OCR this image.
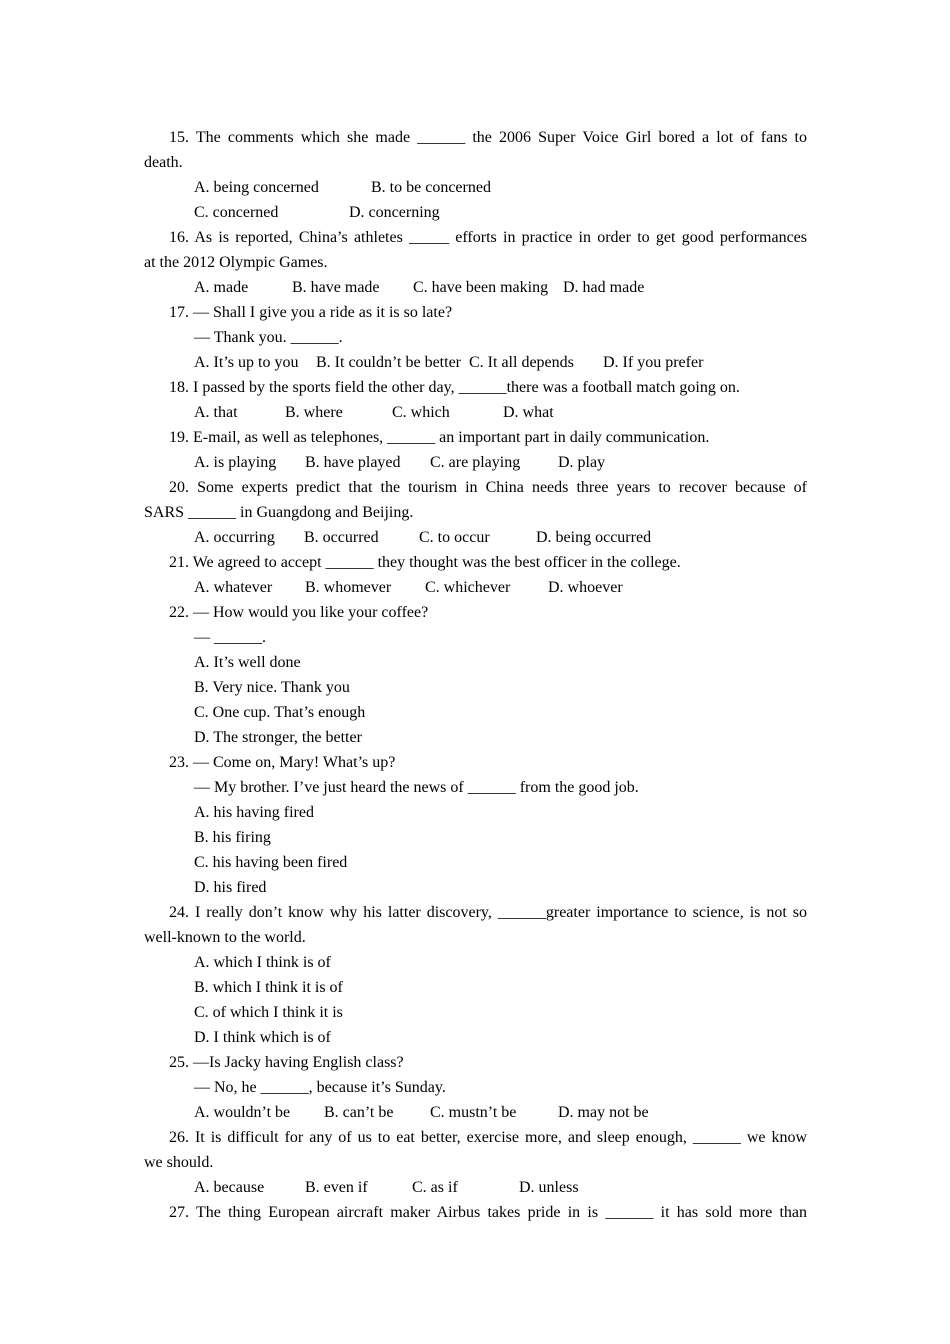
15. The comments which she made ______ the 2006 Super Voice Girl bored a lot of fans to
death.
A. being concerned	B. to be concerned
C. concerned	D. concerning
16. As is reported, China’s athletes _____ efforts in practice in order to get good performances
at the 2012 Olympic Games.
A. made	B. have made C. have been making D. had made
17. — Shall I give you a ride as it is so late?
— Thank you. ______.
A. It’s up to you B. It couldn’t be better C. It all depends D. If you prefer
18. I passed by the sports field the other day, ______there was a football match going on.
A. that	B. where	C. which	D. what
19. E-mail, as well as telephones, ______ an important part in daily communication.
A. is playing B. have played C. are playing D. play
20. Some experts predict that the tourism in China needs three years to recover because of
SARS ______ in Guangdong and Beijing.
A. occurring B. occurred	C. to occur	D. being occurred
21. We agreed to accept ______ they thought was the best officer in the college.
A. whatever B. whomever C. whichever D. whoever
22. — How would you like your coffee?
— ______.
A. It’s well done
B. Very nice. Thank you
C. One cup. That’s enough
D. The stronger, the better
23. — Come on, Mary! What’s up?
— My brother. I’ve just heard the news of ______ from the good job.
A. his having fired
B. his firing
C. his having been fired
D. his fired
24. I really don’t know why his latter discovery, ______greater importance to science, is not so
well-known to the world.
A. which I think is of
B. which I think it is of
C. of which I think it is
D. I think which is of
25. —Is Jacky having English class?
— No, he ______, because it’s Sunday.
A. wouldn’t be B. can’t be C. mustn’t be	D. may not be
26. It is difficult for any of us to eat better, exercise more, and sleep enough, ______ we know
we should.
A. because	B. even if	C. as if	D. unless
27. The thing European aircraft maker Airbus takes pride in is ______ it has sold more than
